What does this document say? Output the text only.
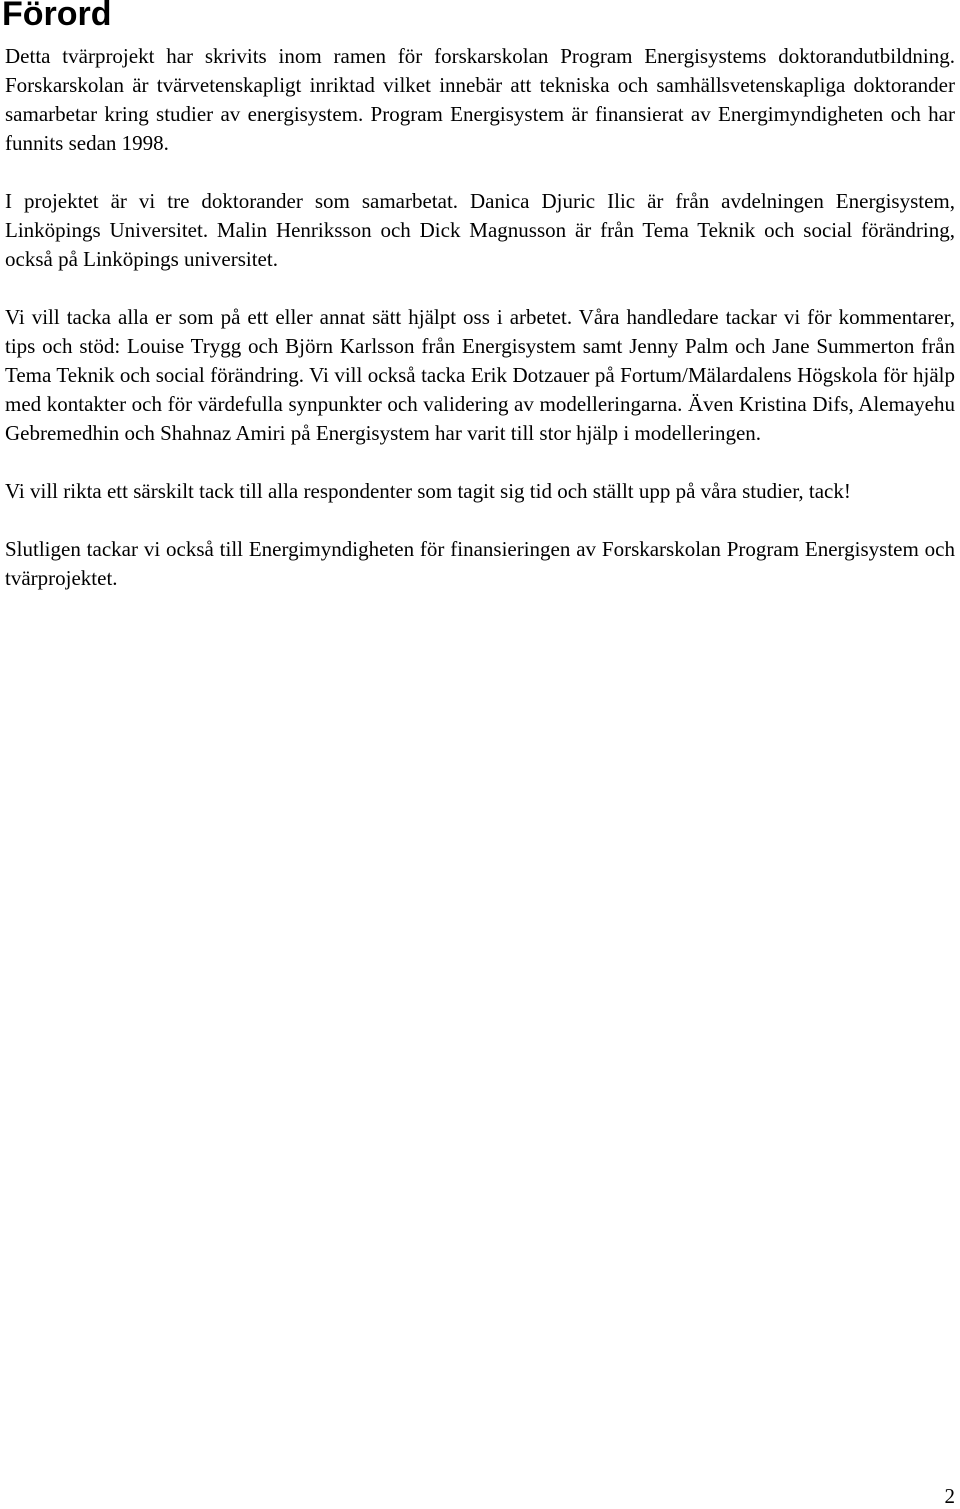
Förord

Detta tvärprojekt har skrivits inom ramen för forskarskolan Program Energisystems doktorandutbildning. Forskarskolan är tvärvetenskapligt inriktad vilket innebär att tekniska och samhällsvetenskapliga doktorander samarbetar kring studier av energisystem. Program Energisystem är finansierat av Energimyndigheten och har funnits sedan 1998.

I projektet är vi tre doktorander som samarbetat. Danica Djuric Ilic är från avdelningen Energisystem, Linköpings Universitet. Malin Henriksson och Dick Magnusson är från Tema Teknik och social förändring, också på Linköpings universitet.

Vi vill tacka alla er som på ett eller annat sätt hjälpt oss i arbetet. Våra handledare tackar vi för kommentarer, tips och stöd: Louise Trygg och Björn Karlsson från Energisystem samt Jenny Palm och Jane Summerton från Tema Teknik och social förändring. Vi vill också tacka Erik Dotzauer på Fortum/Mälardalens Högskola för hjälp med kontakter och för värdefulla synpunkter och validering av modelleringarna. Även Kristina Difs, Alemayehu Gebremedhin och Shahnaz Amiri på Energisystem har varit till stor hjälp i modelleringen.

Vi vill rikta ett särskilt tack till alla respondenter som tagit sig tid och ställt upp på våra studier, tack!

Slutligen tackar vi också till Energimyndigheten för finansieringen av Forskarskolan Program Energisystem och tvärprojektet.

2
